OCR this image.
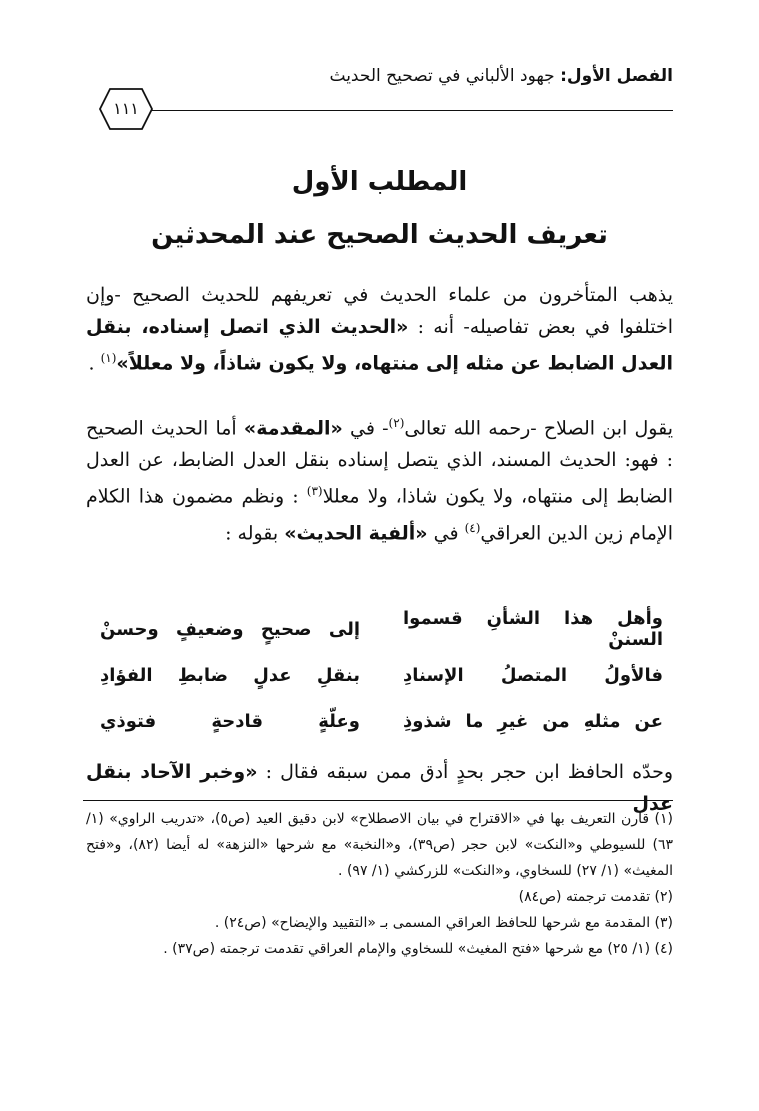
الفصل الأول: جهود الألباني في تصحيح الحديث
١١١
المطلب الأول
تعريف الحديث الصحيح عند المحدثين
يذهب المتأخرون من علماء الحديث في تعريفهم للحديث الصحيح -وإن اختلفوا في بعض تفاصيله- أنه : «الحديث الذي اتصل إسناده، بنقل العدل الضابط عن مثله إلى منتهاه، ولا يكون شاذاً، ولا معللاً»$^{(١)}$ .
يقول ابن الصلاح -رحمه الله تعالى$^{(٢)}$- في «المقدمة» أما الحديث الصحيح : فهو: الحديث المسند، الذي يتصل إسناده بنقل العدل الضابط، عن العدل الضابط إلى منتهاه، ولا يكون شاذا، ولا معللا$^{(٣)}$ : ونظم مضمون هذا الكلام الإمام زين الدين العراقي$^{(٤)}$ في «ألفية الحديث» بقوله :
وأهل هذا الشأنِ قسموا السننْ
إلى صحيحٍ وضعيفٍ وحسنْ
فالأولُ المتصلُ الإسنادِ
بنقلِ عدلٍ ضابطِ الفؤادِ
عن مثلهِ من غيرِ ما شذوذِ
وعلّةٍ قادحةٍ فتوذي
وحدّه الحافظ ابن حجر بحدٍ أدق ممن سبقه فقال : «وخبر الآحاد بنقل عدل

(١) قارن التعريف بها في «الاقتراح في بيان الاصطلاح» لابن دقيق العيد (ص٥)، «تدريب الراوي» (١/ ٦٣) للسيوطي و«النكت» لابن حجر (ص٣٩)، و«النخبة» مع شرحها «النزهة» له أيضا (٨٢)، و«فتح المغيث» (١/ ٢٧) للسخاوي، و«النكت» للزركشي (١/ ٩٧) .

(٢) تقدمت ترجمته (ص٨٤)

(٣) المقدمة مع شرحها للحافظ العراقي المسمى بـ «التقييد والإيضاح» (ص٢٤) .

(٤) (١/ ٢٥) مع شرحها «فتح المغيث» للسخاوي والإمام العراقي تقدمت ترجمته (ص٣٧) .
